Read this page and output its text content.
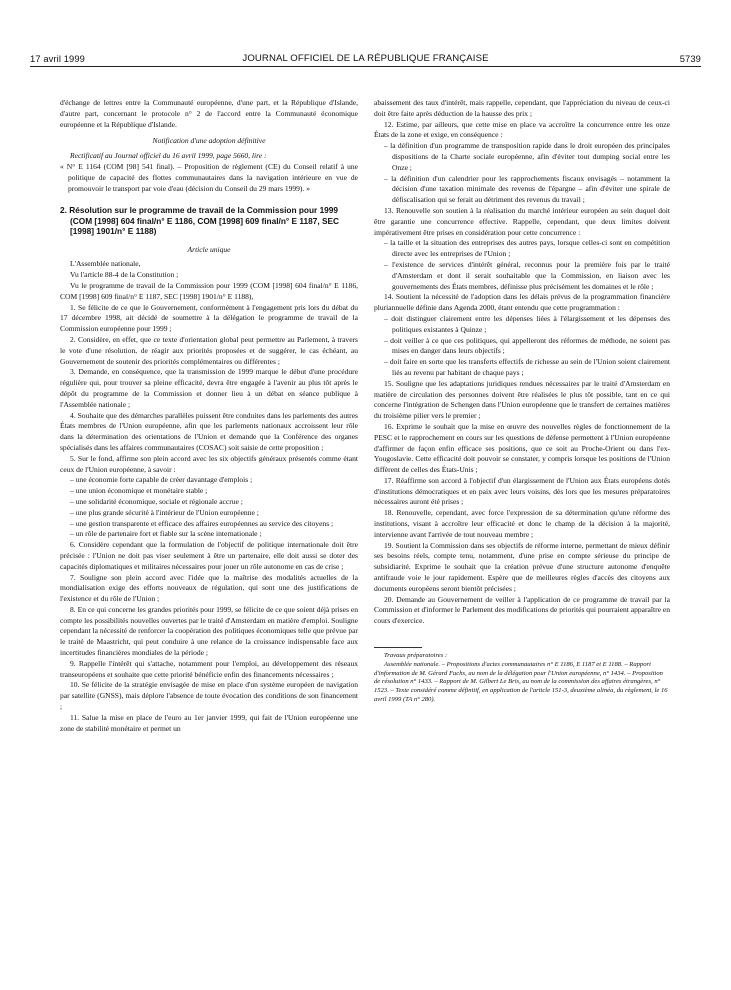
17 avril 1999	JOURNAL OFFICIEL DE LA RÉPUBLIQUE FRANÇAISE	5739

d'échange de lettres entre la Communauté européenne, d'une part, et la République d'Islande, d'autre part, concernant le protocole n° 2 de l'accord entre la Communauté économique européenne et la République d'Islande.

Notification d'une adoption définitive

Rectificatif au Journal officiel du 16 avril 1999, page 5660, lire :

« N° E 1164 (COM [98] 541 final). – Proposition de règlement (CE) du Conseil relatif à une politique de capacité des flottes communautaires dans la navigation intérieure en vue de promouvoir le transport par voie d'eau (décision du Conseil du 29 mars 1999). »

2. Résolution sur le programme de travail de la Commission pour 1999 (COM [1998] 604 final/n° E 1186, COM [1998] 609 final/n° E 1187, SEC [1998] 1901/n° E 1188)

Article unique

L'Assemblée nationale,

Vu l'article 88-4 de la Constitution ;

Vu le programme de travail de la Commission pour 1999 (COM [1998] 604 final/n° E 1186, COM [1998] 609 final/n° E 1187, SEC [1998] 1901/n° E 1188),

1. Se félicite de ce que le Gouvernement, conformément à l'engagement pris lors du débat du 17 décembre 1998, ait décidé de soumettre à la délégation le programme de travail de la Commission européenne pour 1999 ;

2. Considère, en effet, que ce texte d'orientation global peut permettre au Parlement, à travers le vote d'une résolution, de réagir aux priorités proposées et de suggérer, le cas échéant, au Gouvernement de soutenir des priorités complémentaires ou différentes ;

3. Demande, en conséquence, que la transmission de 1999 marque le début d'une procédure régulière qui, pour trouver sa pleine efficacité, devra être engagée à l'avenir au plus tôt après le dépôt du programme de la Commission et donner lieu à un débat en séance publique à l'Assemblée nationale ;

4. Souhaite que des démarches parallèles puissent être conduites dans les parlements des autres États membres de l'Union européenne, afin que les parlements nationaux accroissent leur rôle dans la détermination des orientations de l'Union et demande que la Conférence des organes spécialisés dans les affaires communautaires (COSAC) soit saisie de cette proposition ;

5. Sur le fond, affirme son plein accord avec les six objectifs généraux présentés comme étant ceux de l'Union européenne, à savoir :

– une économie forte capable de créer davantage d'emplois ;

– une union économique et monétaire stable ;

– une solidarité économique, sociale et régionale accrue ;

– une plus grande sécurité à l'intérieur de l'Union européenne ;

– une gestion transparente et efficace des affaires européennes au service des citoyens ;

– un rôle de partenaire fort et fiable sur la scène internationale ;

6. Considère cependant que la formulation de l'objectif de politique internationale doit être précisée : l'Union ne doit pas viser seulement à être un partenaire, elle doit aussi se doter des capacités diplomatiques et militaires nécessaires pour jouer un rôle autonome en cas de crise ;

7. Souligne son plein accord avec l'idée que la maîtrise des modalités actuelles de la mondialisation exige des efforts nouveaux de régulation, qui sont une des justifications de l'existence et du rôle de l'Union ;

8. En ce qui concerne les grandes priorités pour 1999, se félicite de ce que soient déjà prises en compte les possibilités nouvelles ouvertes par le traité d'Amsterdam en matière d'emploi. Souligne cependant la nécessité de renforcer la coopération des politiques économiques telle que prévue par le traité de Maastricht, qui peut conduire à une relance de la croissance indispensable face aux incertitudes financières mondiales de la période ;

9. Rappelle l'intérêt qui s'attache, notamment pour l'emploi, au développement des réseaux transeuropéens et souhaite que cette priorité bénéficie enfin des financements nécessaires ;

10. Se félicite de la stratégie envisagée de mise en place d'un système européen de navigation par satellite (GNSS), mais déplore l'absence de toute évocation des conditions de son financement ;

11. Salue la mise en place de l'euro au 1er janvier 1999, qui fait de l'Union européenne une zone de stabilité monétaire et permet un

abaissement des taux d'intérêt, mais rappelle, cependant, que l'appréciation du niveau de ceux-ci doit être faite après déduction de la hausse des prix ;

12. Estime, par ailleurs, que cette mise en place va accroître la concurrence entre les onze États de la zone et exige, en conséquence :

– la définition d'un programme de transposition rapide dans le droit européen des principales dispositions de la Charte sociale européenne, afin d'éviter tout dumping social entre les Onze ;

– la définition d'un calendrier pour les rapprochements fiscaux envisagés – notamment la décision d'une taxation minimale des revenus de l'épargne – afin d'éviter une spirale de défiscalisation qui se ferait au détriment des revenus du travail ;

13. Renouvelle son soutien à la réalisation du marché intérieur européen au sein duquel doit être garantie une concurrence effective. Rappelle, cependant, que deux limites doivent impérativement être prises en considération pour cette concurrence :

– la taille et la situation des entreprises des autres pays, lorsque celles-ci sont en compétition directe avec les entreprises de l'Union ;

– l'existence de services d'intérêt général, reconnus pour la première fois par le traité d'Amsterdam et dont il serait souhaitable que la Commission, en liaison avec les gouvernements des États membres, définisse plus précisément les domaines et le rôle ;

14. Soutient la nécessité de l'adoption dans les délais prévus de la programmation financière pluriannuelle définie dans Agenda 2000, étant entendu que cette programmation :

– doit distinguer clairement entre les dépenses liées à l'élargissement et les dépenses des politiques existantes à Quinze ;

– doit veiller à ce que ces politiques, qui appelleront des réformes de méthode, ne soient pas mises en danger dans leurs objectifs ;

– doit faire en sorte que les transferts effectifs de richesse au sein de l'Union soient clairement liés au revenu par habitant de chaque pays ;

15. Souligne que les adaptations juridiques rendues nécessaires par le traité d'Amsterdam en matière de circulation des personnes doivent être réalisées le plus tôt possible, tant en ce qui concerne l'intégration de Schengen dans l'Union européenne que le transfert de certaines matières du troisième pilier vers le premier ;

16. Exprime le souhait que la mise en œuvre des nouvelles règles de fonctionnement de la PESC et le rapprochement en cours sur les questions de défense permettent à l'Union européenne d'affirmer de façon enfin efficace ses positions, que ce soit au Proche-Orient ou dans l'ex-Yougoslavie. Cette efficacité doit pouvoir se constater, y compris lorsque les positions de l'Union diffèrent de celles des États-Unis ;

17. Réaffirme son accord à l'objectif d'un élargissement de l'Union aux États européens dotés d'institutions démocratiques et en paix avec leurs voisins, dès lors que les mesures préparatoires nécessaires auront été prises ;

18. Renouvelle, cependant, avec force l'expression de sa détermination qu'une réforme des institutions, visant à accroître leur efficacité et donc le champ de la décision à la majorité, intervienne avant l'arrivée de tout nouveau membre ;

19. Soutient la Commission dans ses objectifs de réforme interne, permettant de mieux définir ses besoins réels, compte tenu, notamment, d'une prise en compte sérieuse du principe de subsidiarité. Exprime le souhait que la création prévue d'une structure autonome d'enquête antifraude voie le jour rapidement. Espère que de meilleures règles d'accès des citoyens aux documents européens seront bientôt précisées ;

20. Demande au Gouvernement de veiller à l'application de ce programme de travail par la Commission et d'informer le Parlement des modifications de priorités qui pourraient apparaître en cours d'exercice.

Travaux préparatoires :

Assemblée nationale. – Propositions d'actes communautaires n° E 1186, E 1187 et E 1188. – Rapport d'information de M. Gérard Fuchs, au nom de la délégation pour l'Union européenne, n° 1434. – Proposition de résolution n° 1433. – Rapport de M. Gilbert Le Bris, au nom de la commission des affaires étrangères, n° 1523. – Texte considéré comme définitif, en application de l'article 151-3, deuxième alinéa, du règlement, le 16 avril 1999 (TA n° 280).
